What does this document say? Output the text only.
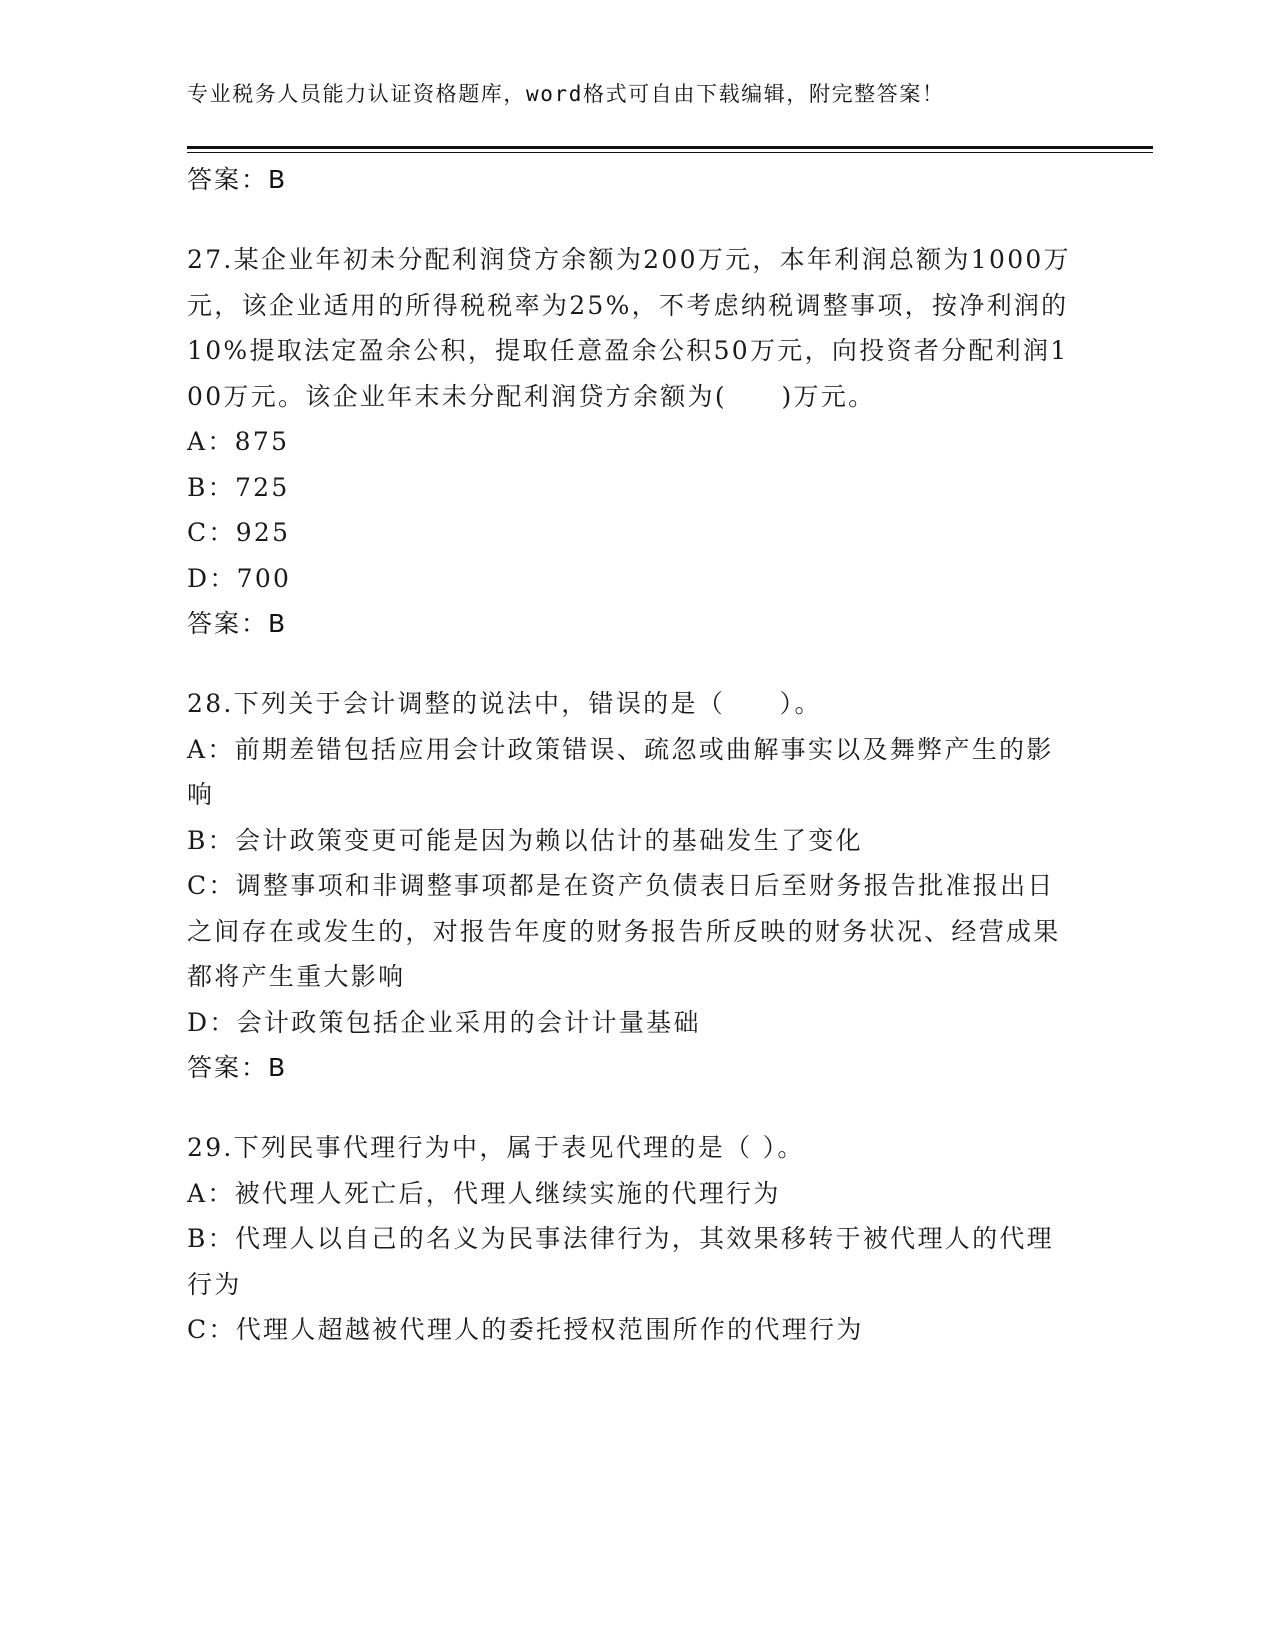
专业税务人员能力认证资格题库，word格式可自由下载编辑，附完整答案！
答案：B
27.某企业年初未分配利润贷方余额为200万元，本年利润总额为1000万元，该企业适用的所得税税率为25%，不考虑纳税调整事项，按净利润的10%提取法定盈余公积，提取任意盈余公积50万元，向投资者分配利润100万元。该企业年末未分配利润贷方余额为(　　)万元。
A：875
B：725
C：925
D：700
答案：B
28.下列关于会计调整的说法中，错误的是（　　）。
A：前期差错包括应用会计政策错误、疏忽或曲解事实以及舞弊产生的影响
B：会计政策变更可能是因为赖以估计的基础发生了变化
C：调整事项和非调整事项都是在资产负债表日后至财务报告批准报出日之间存在或发生的，对报告年度的财务报告所反映的财务状况、经营成果都将产生重大影响
D：会计政策包括企业采用的会计计量基础
答案：B
29.下列民事代理行为中，属于表见代理的是（ ）。
A：被代理人死亡后，代理人继续实施的代理行为
B：代理人以自己的名义为民事法律行为，其效果移转于被代理人的代理行为
C：代理人超越被代理人的委托授权范围所作的代理行为
